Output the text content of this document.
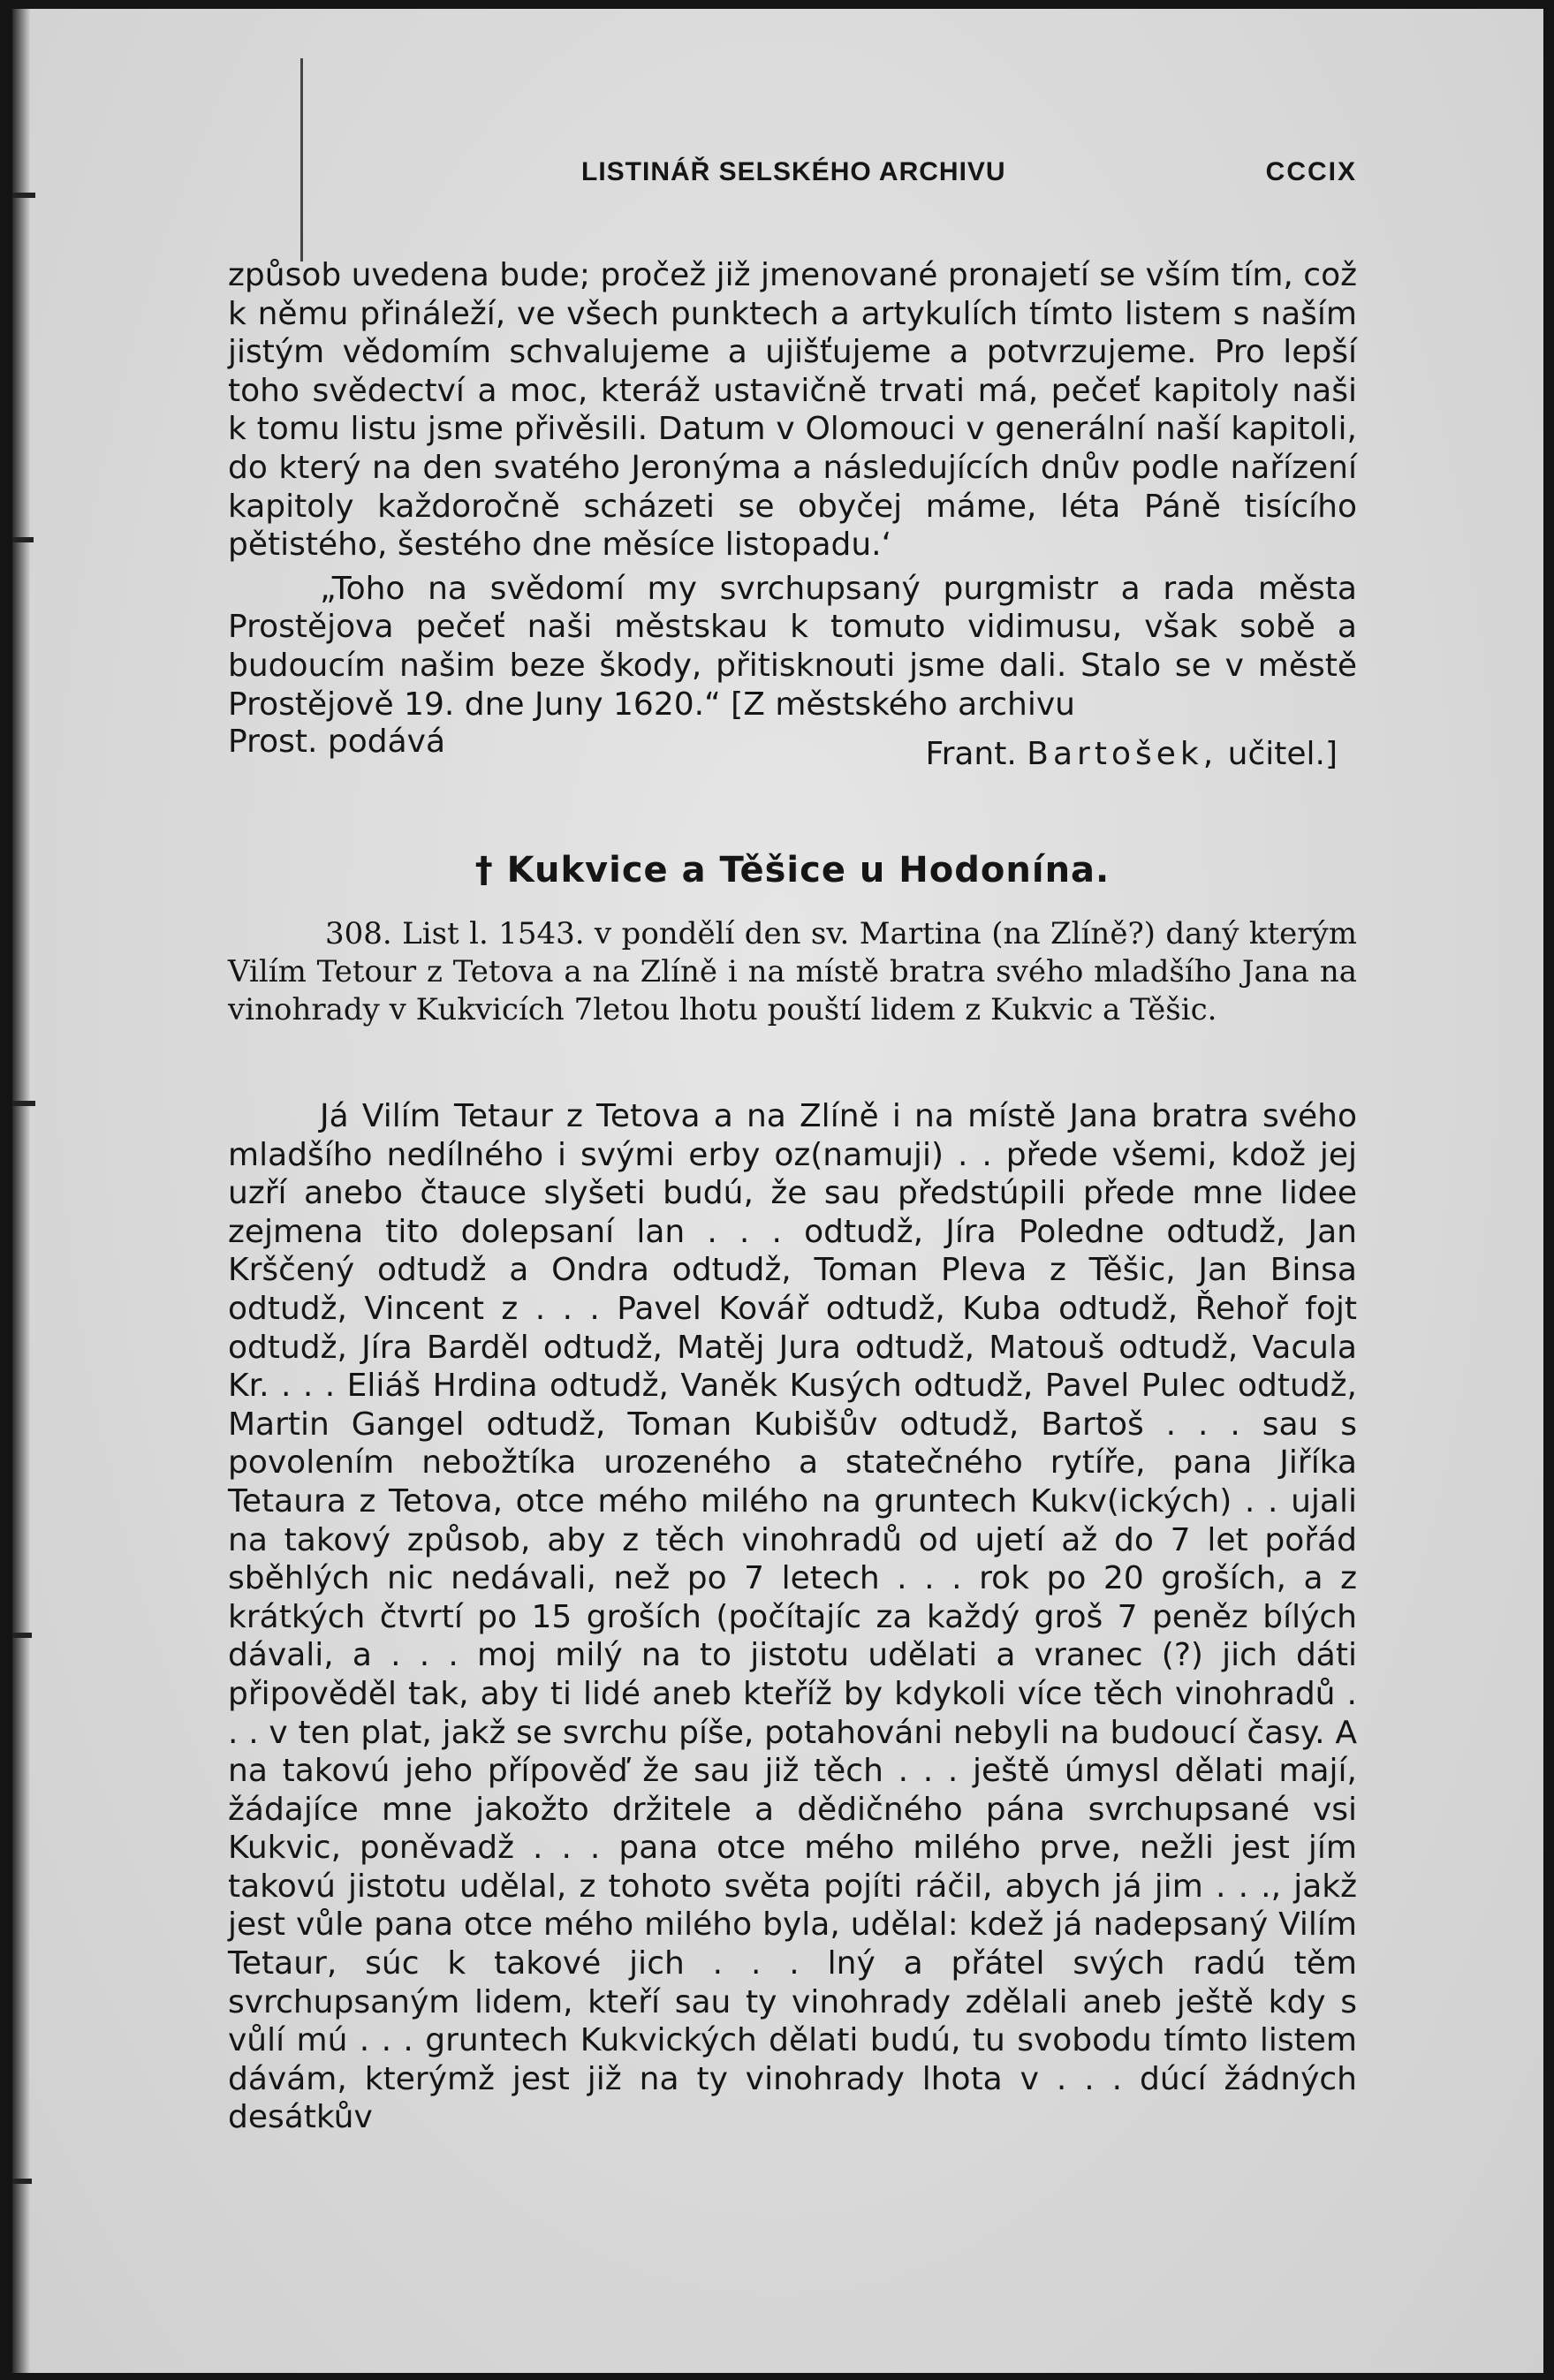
LISTINÁŘ SELSKÉHO ARCHIVU	CCCIX

způsob uvedena bude; pročež již jmenované pronajetí se vším tím, což k němu přináleží, ve všech punktech a artykulích tímto listem s naším jistým vědomím schvalujeme a ujišťujeme a potvrzujeme. Pro lepší toho svědectví a moc, kteráž ustavičně trvati má, pečeť kapitoly naši k tomu listu jsme přivěsili. Datum v Olomouci v generální naší kapitoli, do který na den svatého Jeronýma a následujících dnův podle nařízení kapitoly každoročně scházeti se obyčej máme, léta Páně tisícího pětistého, šestého dne měsíce listopadu.‘

„Toho na svědomí my svrchupsaný purgmistr a rada města Prostějova pečeť naši městskau k tomuto vidimusu, však sobě a budoucím našim beze škody, přitisknouti jsme dali. Stalo se v městě Prostějově 19. dne Juny 1620.“ [Z městského archivu

Prost. podává	Frant. Bartošek, učitel.]
† Kukvice a Těšice u Hodonína.

308. List l. 1543. v pondělí den sv. Martina (na Zlíně?) daný kterým Vilím Tetour z Tetova a na Zlíně i na místě bratra svého mladšího Jana na vinohrady v Kukvicích 7letou lhotu pouští lidem z Kukvic a Těšic.

Já Vilím Tetaur z Tetova a na Zlíně i na místě Jana bratra svého mladšího nedílného i svými erby oz(namuji) . . přede všemi, kdož jej uzří anebo čtauce slyšeti budú, že sau předstúpili přede mne lidee zejmena tito dolepsaní lan . . . odtudž, Jíra Poledne odtudž, Jan Krščený odtudž a Ondra odtudž, Toman Pleva z Těšic, Jan Binsa odtudž, Vincent z . . . Pavel Kovář odtudž, Kuba odtudž, Řehoř fojt odtudž, Jíra Barděl odtudž, Matěj Jura odtudž, Matouš odtudž, Vacula Kr. . . . Eliáš Hrdina odtudž, Vaněk Kusých odtudž, Pavel Pulec odtudž, Martin Gangel odtudž, Toman Kubišův odtudž, Bartoš . . . sau s povolením nebožtíka urozeného a statečného rytíře, pana Jiříka Tetaura z Tetova, otce mého milého na gruntech Kukv(ických) . . ujali na takový způsob, aby z těch vinohradů od ujetí až do 7 let pořád sběhlých nic nedávali, než po 7 letech . . . rok po 20 groších, a z krátkých čtvrtí po 15 groších (počítajíc za každý groš 7 peněz bílých dávali, a . . . moj milý na to jistotu udělati a vranec (?) jich dáti připověděl tak, aby ti lidé aneb kteříž by kdykoli více těch vinohradů . . . v ten plat, jakž se svrchu píše, potahováni nebyli na budoucí časy. A na takovú jeho přípověď že sau již těch . . . ještě úmysl dělati mají, žádajíce mne jakožto držitele a dědičného pána svrchupsané vsi Kukvic, poněvadž . . . pana otce mého milého prve, nežli jest jím takovú jistotu udělal, z tohoto světa pojíti ráčil, abych já jim . . ., jakž jest vůle pana otce mého milého byla, udělal: kdež já nadepsaný Vilím Tetaur, súc k takové jich . . . lný a přátel svých radú těm svrchupsaným lidem, kteří sau ty vinohrady zdělali aneb ještě kdy s vůlí mú . . . gruntech Kukvických dělati budú, tu svobodu tímto listem dávám, kterýmž jest již na ty vinohrady lhota v . . . dúcí žádných desátkův
